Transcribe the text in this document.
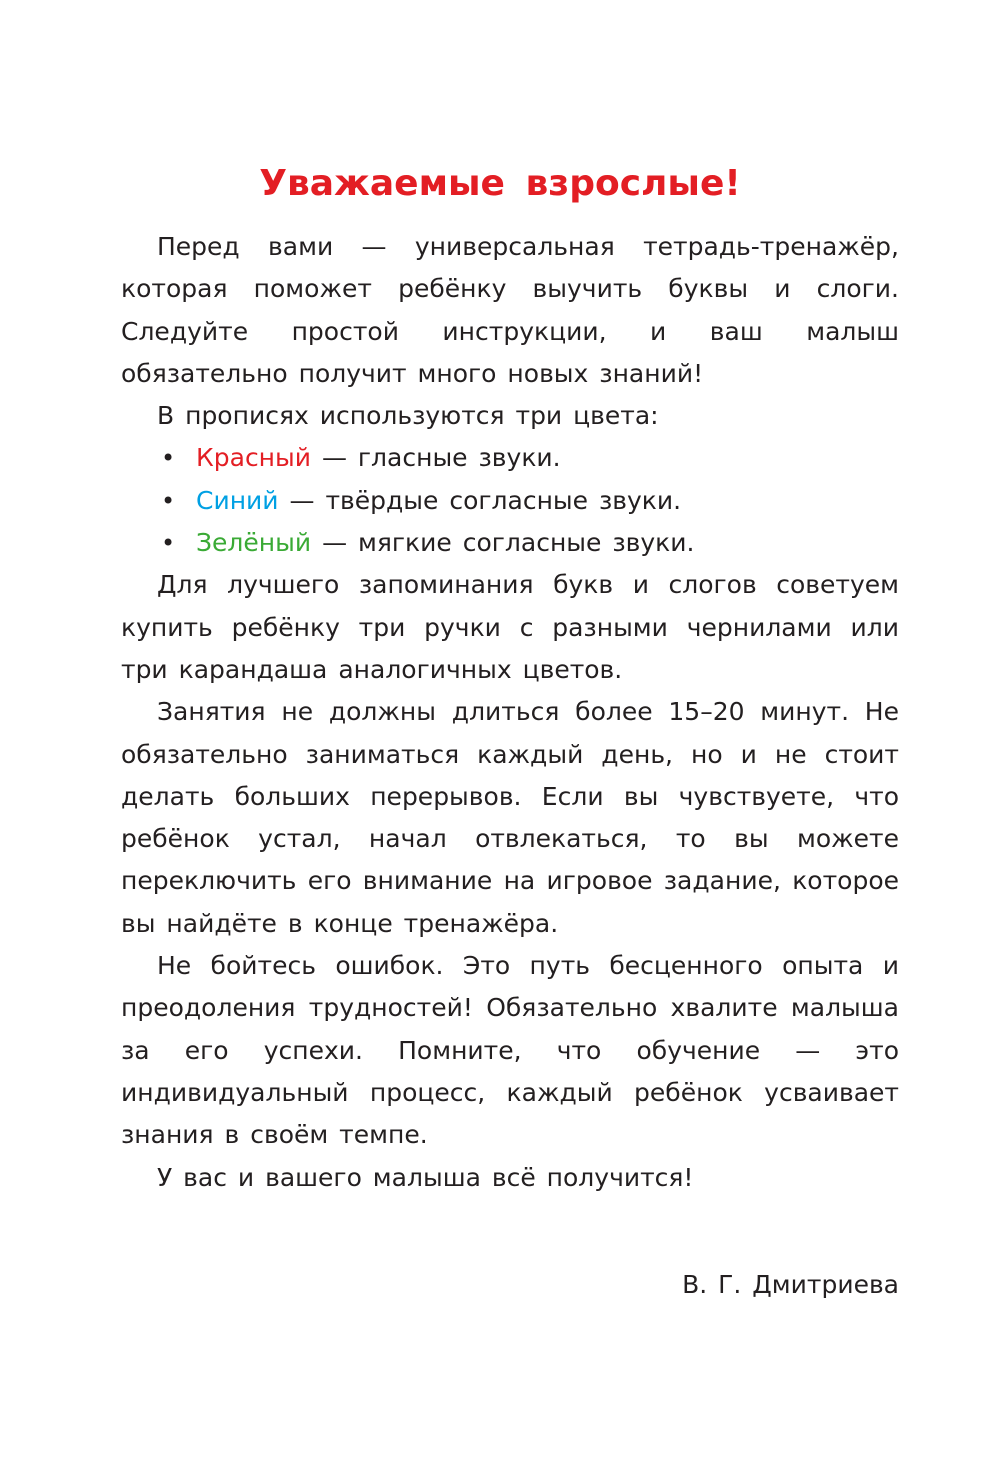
Уважаемые взрослые!

Перед вами — универсальная тетрадь-тренажёр, которая поможет ребёнку выучить буквы и слоги. Следуйте простой инструкции, и ваш малыш обязательно получит много новых знаний!

В прописях используются три цвета:

• Красный — гласные звуки.
• Синий — твёрдые согласные звуки.
• Зелёный — мягкие согласные звуки.

Для лучшего запоминания букв и слогов советуем купить ребёнку три ручки с разными чернилами или три карандаша аналогичных цветов.

Занятия не должны длиться более 15–20 минут. Не обязательно заниматься каждый день, но и не стоит делать больших перерывов. Если вы чувствуете, что ребёнок устал, начал отвлекаться, то вы можете переключить его внимание на игровое задание, которое вы найдёте в конце тренажёра.

Не бойтесь ошибок. Это путь бесценного опыта и преодоления трудностей! Обязательно хвалите малыша за его успехи. Помните, что обучение — это индивидуальный процесс, каждый ребёнок усваивает знания в своём темпе.

У вас и вашего малыша всё получится!

В. Г. Дмитриева
